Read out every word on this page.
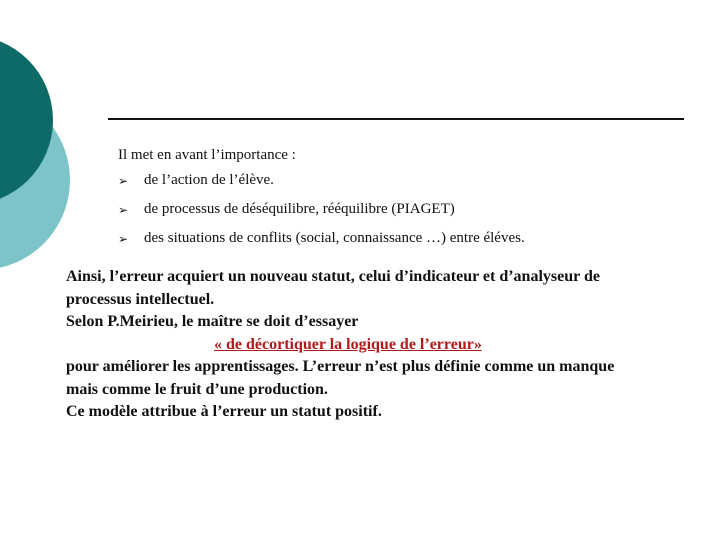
Il met en avant l’importance :
➢	de l’action de l’élève.
➢	de processus de déséquilibre, rééquilibre (PIAGET)
➢	des situations de conflits (social, connaissance …) entre éléves.
Ainsi, l’erreur acquiert un nouveau statut, celui d’indicateur et d’analyseur de
processus intellectuel.
Selon P.Meirieu, le maître se doit d’essayer
« de décortiquer la logique de l’erreur»
pour améliorer les apprentissages. L’erreur n’est plus définie comme un manque
mais comme le fruit d’une production.
Ce modèle attribue à l’erreur un statut positif.
